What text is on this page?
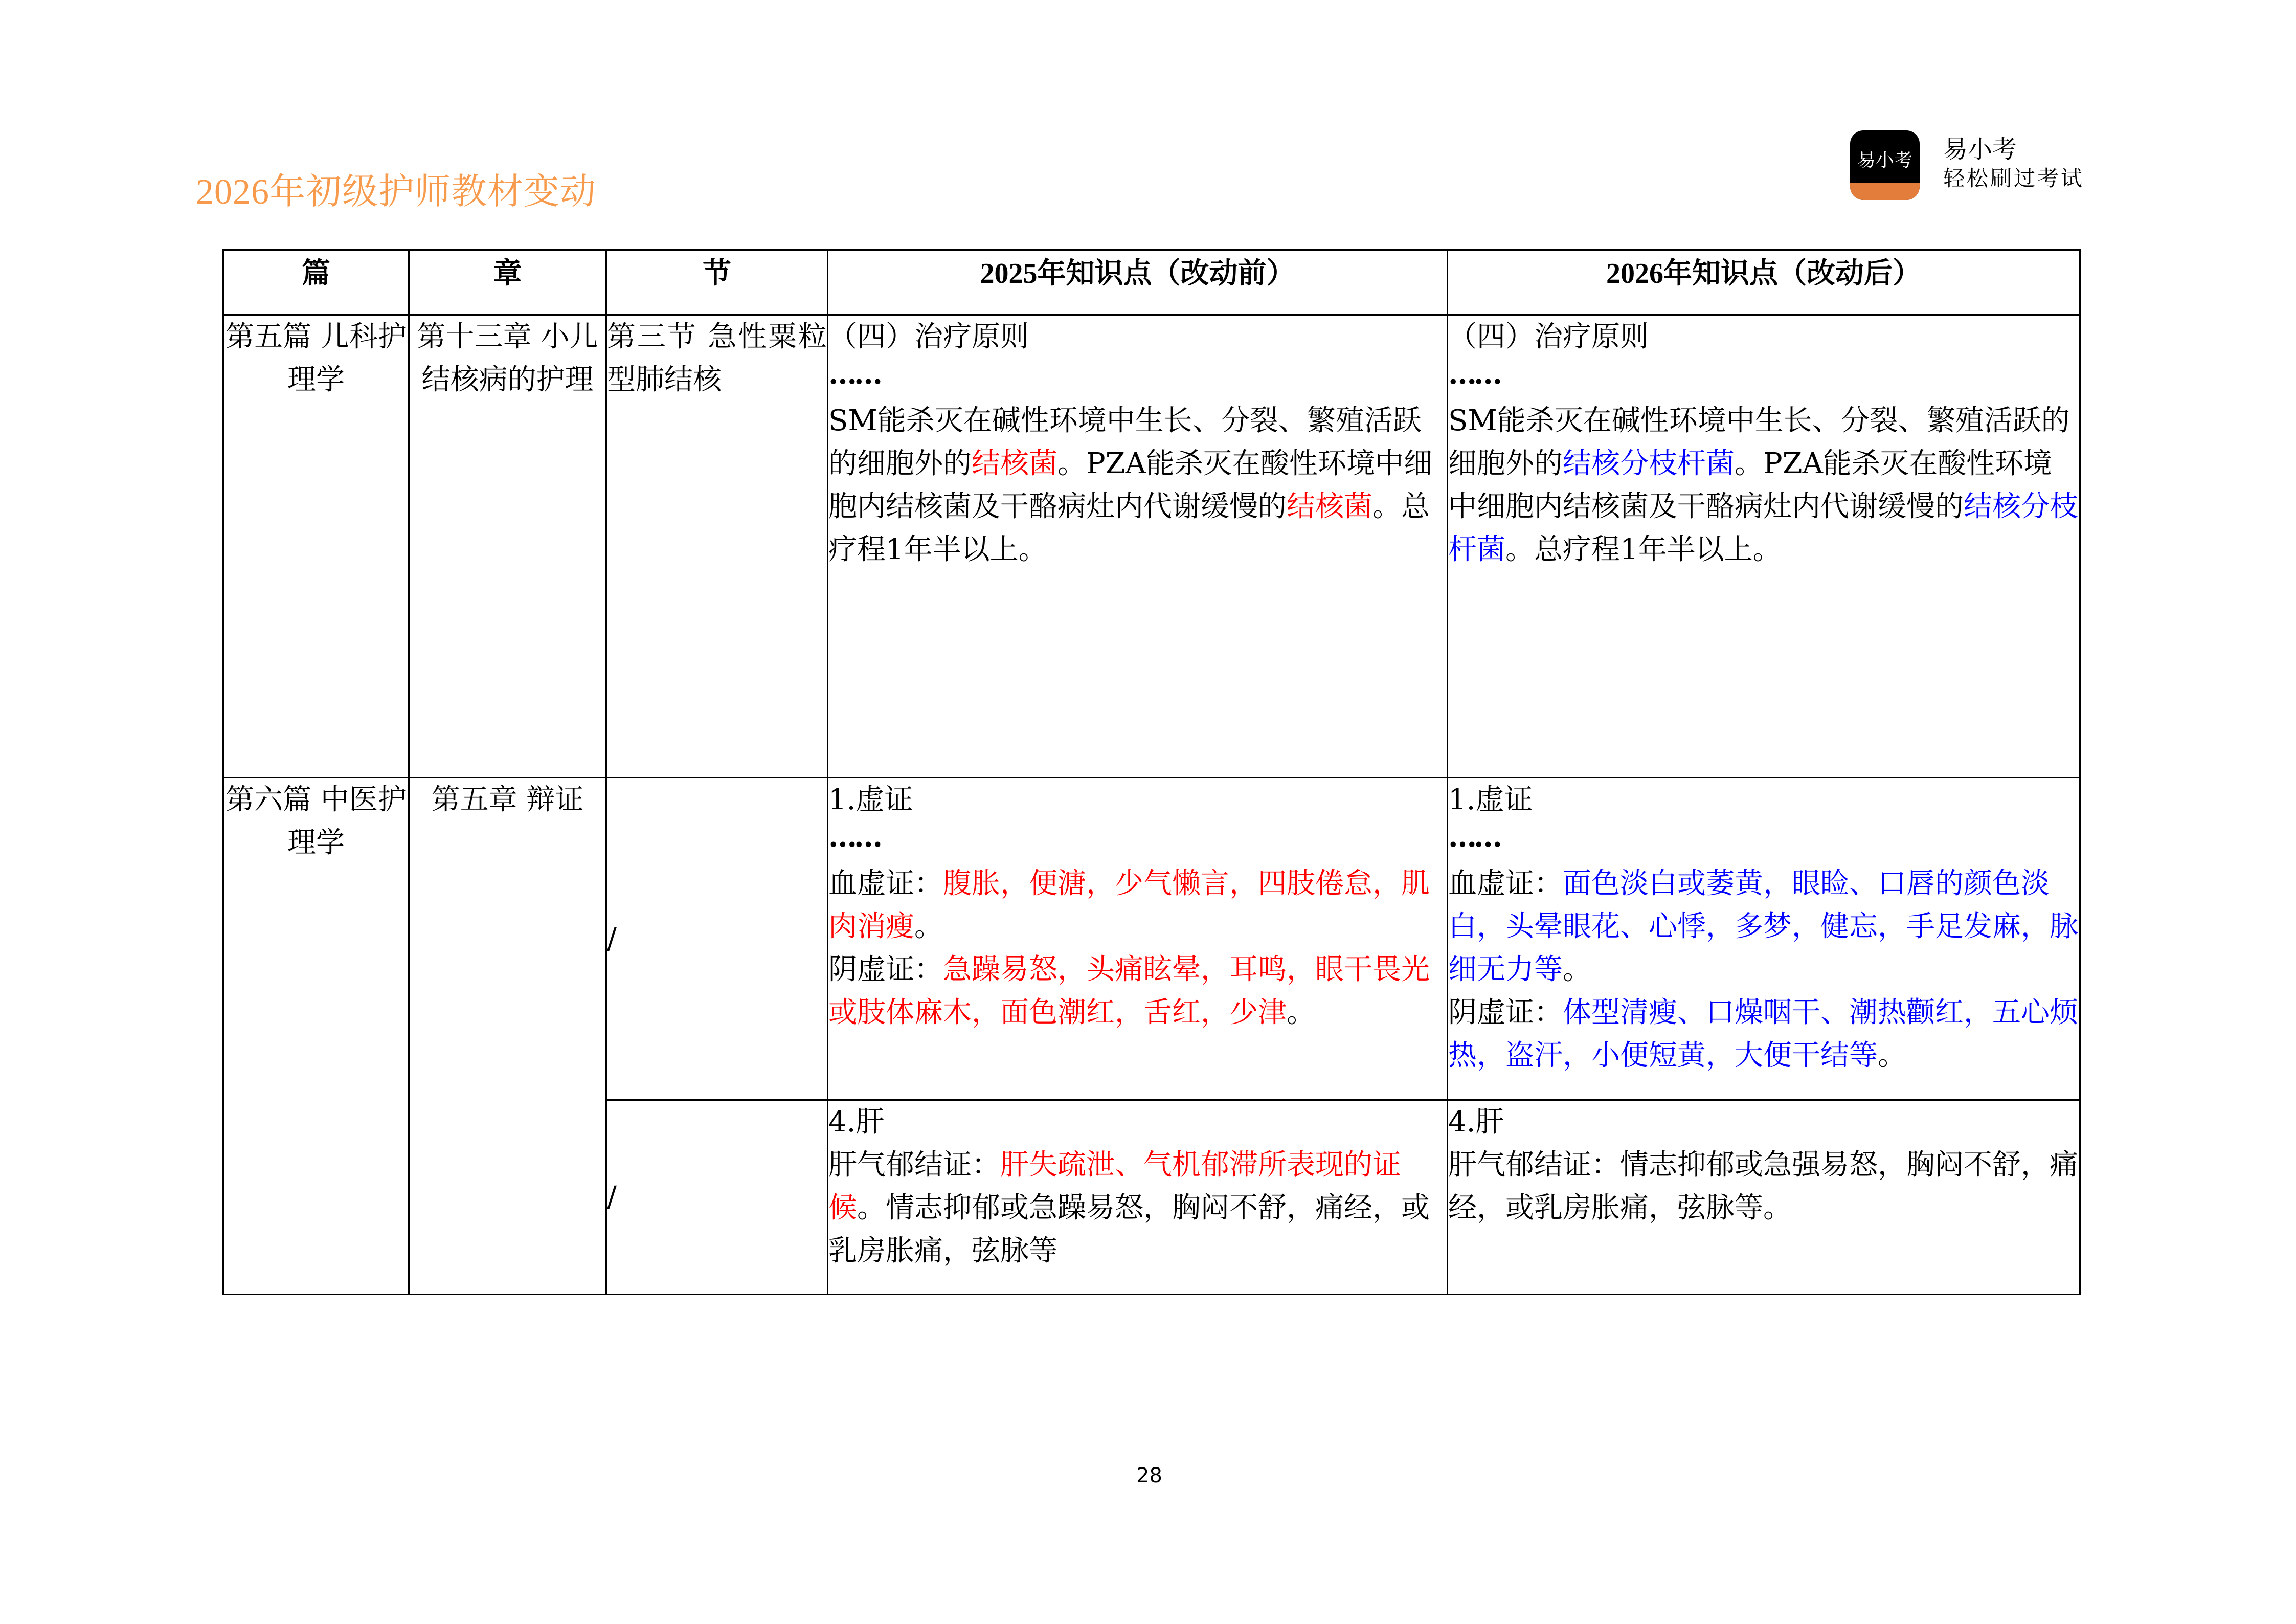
2026年初级护师教材变动
易小考 易小考
轻松刷过考试
篇	章	节	2025年知识点（改动前）	2026年知识点（改动后）
第五篇 儿科护理学	第十三章 小儿结核病的护理	第三节 急性粟粒型肺结核	（四）治疗原则
……
SM能杀灭在碱性环境中生长、分裂、繁殖活跃的细胞外的结核菌。PZA能杀灭在酸性环境中细胞内结核菌及干酪病灶内代谢缓慢的结核菌。总疗程1年半以上。	（四）治疗原则
……
SM能杀灭在碱性环境中生长、分裂、繁殖活跃的细胞外的结核分枝杆菌。PZA能杀灭在酸性环境中细胞内结核菌及干酪病灶内代谢缓慢的结核分枝杆菌。总疗程1年半以上。
第六篇 中医护理学	第五章 辩证	/	1.虚证
……
血虚证：腹胀，便溏，少气懒言，四肢倦怠，肌肉消瘦。
阴虚证：急躁易怒，头痛眩晕，耳鸣，眼干畏光或肢体麻木，面色潮红，舌红，少津。	1.虚证
……
血虚证：面色淡白或萎黄，眼睑、口唇的颜色淡白，头晕眼花、心悸，多梦，健忘，手足发麻，脉细无力等。
阴虚证：体型清瘦、口燥咽干、潮热颧红，五心烦热，盗汗，小便短黄，大便干结等。

		/	4.肝
肝气郁结证：肝失疏泄、气机郁滞所表现的证候。情志抑郁或急躁易怒，胸闷不舒，痛经，或乳房胀痛，弦脉等	4.肝
肝气郁结证：情志抑郁或急强易怒，胸闷不舒，痛经，或乳房胀痛，弦脉等。
28
